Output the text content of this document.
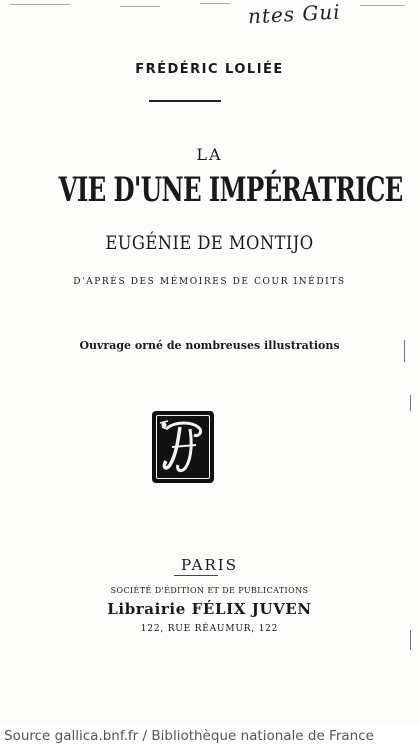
ntes Gui
FRÉDÉRIC LOLIÉE
LA
VIE D'UNE IMPÉRATRICE
EUGÉNIE DE MONTIJO
D'APRÈS DES MÉMOIRES DE COUR INÉDITS
Ouvrage orné de nombreuses illustrations
PARIS
SOCIÉTÉ D'ÉDITION ET DE PUBLICATIONS
Librairie FÉLIX JUVEN
122, RUE RÉAUMUR, 122
Source gallica.bnf.fr / Bibliothèque nationale de France
